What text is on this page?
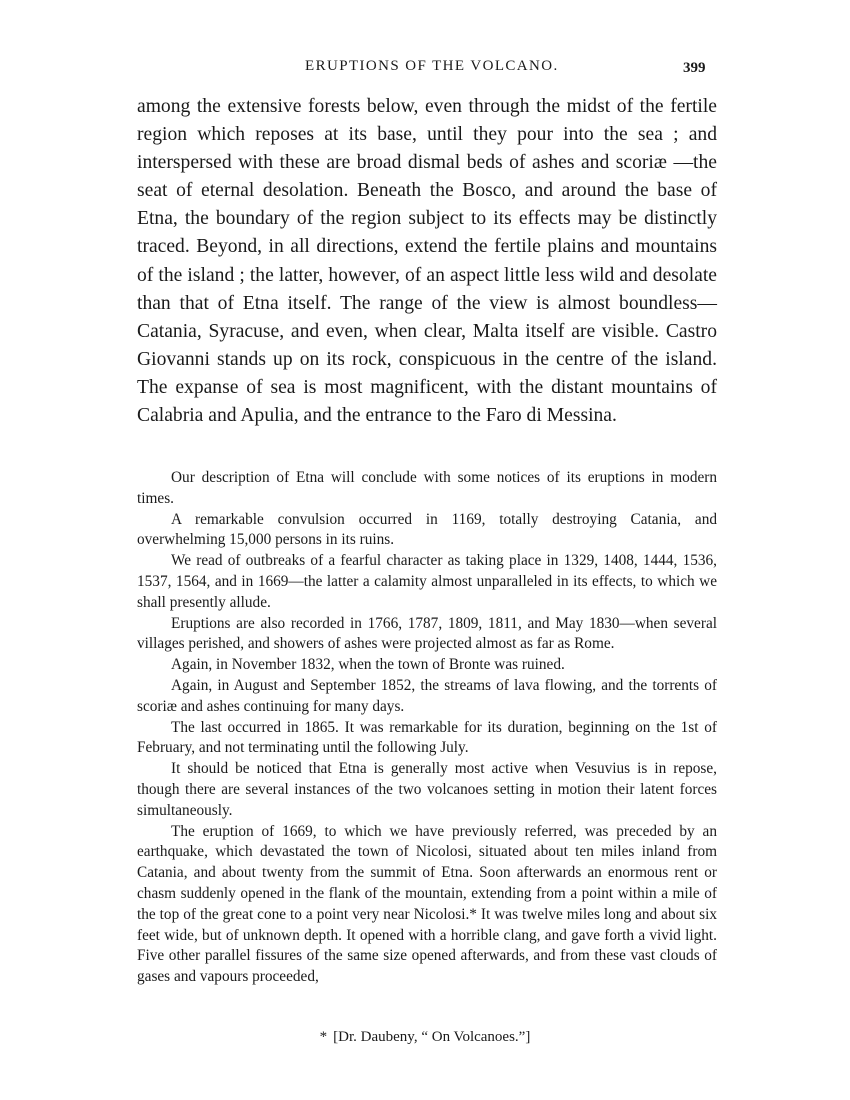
ERUPTIONS OF THE VOLCANO.	399

among the extensive forests below, even through the midst of the fertile region which reposes at its base, until they pour into the sea ; and interspersed with these are broad dismal beds of ashes and scoriæ —the seat of eternal desolation. Beneath the Bosco, and around the base of Etna, the boundary of the region subject to its effects may be distinctly traced. Beyond, in all directions, extend the fertile plains and mountains of the island ; the latter, however, of an aspect little less wild and desolate than that of Etna itself. The range of the view is almost boundless—Catania, Syracuse, and even, when clear, Malta itself are visible. Castro Giovanni stands up on its rock, conspicuous in the centre of the island. The expanse of sea is most magnificent, with the distant mountains of Calabria and Apulia, and the entrance to the Faro di Messina.

Our description of Etna will conclude with some notices of its eruptions in modern times.

A remarkable convulsion occurred in 1169, totally destroying Catania, and overwhelming 15,000 persons in its ruins.

We read of outbreaks of a fearful character as taking place in 1329, 1408, 1444, 1536, 1537, 1564, and in 1669—the latter a calamity almost unparalleled in its effects, to which we shall presently allude.

Eruptions are also recorded in 1766, 1787, 1809, 1811, and May 1830—when several villages perished, and showers of ashes were projected almost as far as Rome.

Again, in November 1832, when the town of Bronte was ruined.

Again, in August and September 1852, the streams of lava flowing, and the torrents of scoriæ and ashes continuing for many days.

The last occurred in 1865. It was remarkable for its duration, beginning on the 1st of February, and not terminating until the following July.

It should be noticed that Etna is generally most active when Vesuvius is in repose, though there are several instances of the two volcanoes setting in motion their latent forces simultaneously.

The eruption of 1669, to which we have previously referred, was preceded by an earthquake, which devastated the town of Nicolosi, situated about ten miles inland from Catania, and about twenty from the summit of Etna. Soon afterwards an enormous rent or chasm suddenly opened in the flank of the mountain, extending from a point within a mile of the top of the great cone to a point very near Nicolosi.* It was twelve miles long and about six feet wide, but of unknown depth. It opened with a horrible clang, and gave forth a vivid light. Five other parallel fissures of the same size opened afterwards, and from these vast clouds of gases and vapours proceeded,

* [Dr. Daubeny, “ On Volcanoes.”]
